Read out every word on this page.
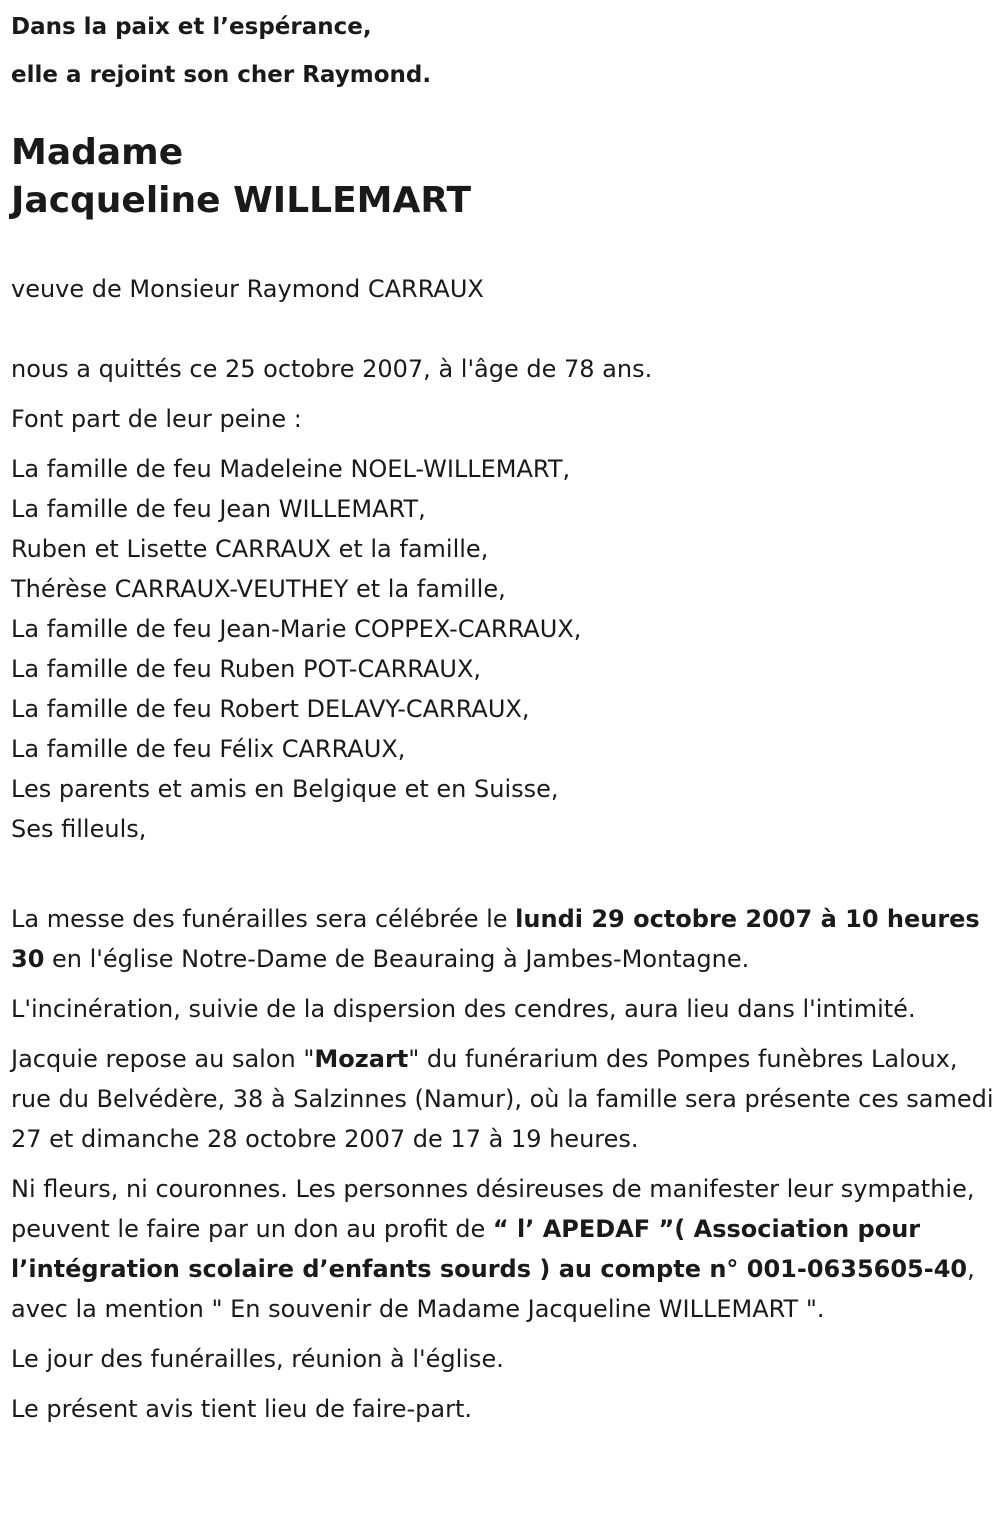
Dans la paix et l’espérance,
elle a rejoint son cher Raymond.
Madame
Jacqueline WILLEMART

veuve de Monsieur Raymond CARRAUX

nous a quittés ce 25 octobre 2007, à l'âge de 78 ans.

Font part de leur peine :

La famille de feu Madeleine NOEL-WILLEMART,

La famille de feu Jean WILLEMART,

Ruben et Lisette CARRAUX et la famille,

Thérèse CARRAUX-VEUTHEY et la famille,

La famille de feu Jean-Marie COPPEX-CARRAUX,

La famille de feu Ruben POT-CARRAUX,

La famille de feu Robert DELAVY-CARRAUX,

La famille de feu Félix CARRAUX,

Les parents et amis en Belgique et en Suisse,

Ses filleuls,

La messe des funérailles sera célébrée le lundi 29 octobre 2007 à 10 heures 30 en l'église Notre-Dame de Beauraing à Jambes-Montagne.

L'incinération, suivie de la dispersion des cendres, aura lieu dans l'intimité.

Jacquie repose au salon "Mozart" du funérarium des Pompes funèbres Laloux, rue du Belvédère, 38 à Salzinnes (Namur), où la famille sera présente ces samedi 27 et dimanche 28 octobre 2007 de 17 à 19 heures.

Ni fleurs, ni couronnes. Les personnes désireuses de manifester leur sympathie, peuvent le faire par un don au profit de “ l’ APEDAF ”( Association pour l’intégration scolaire d’enfants sourds ) au compte n° 001-0635605-40, avec la mention " En souvenir de Madame Jacqueline WILLEMART ".

Le jour des funérailles, réunion à l'église.

Le présent avis tient lieu de faire-part.
